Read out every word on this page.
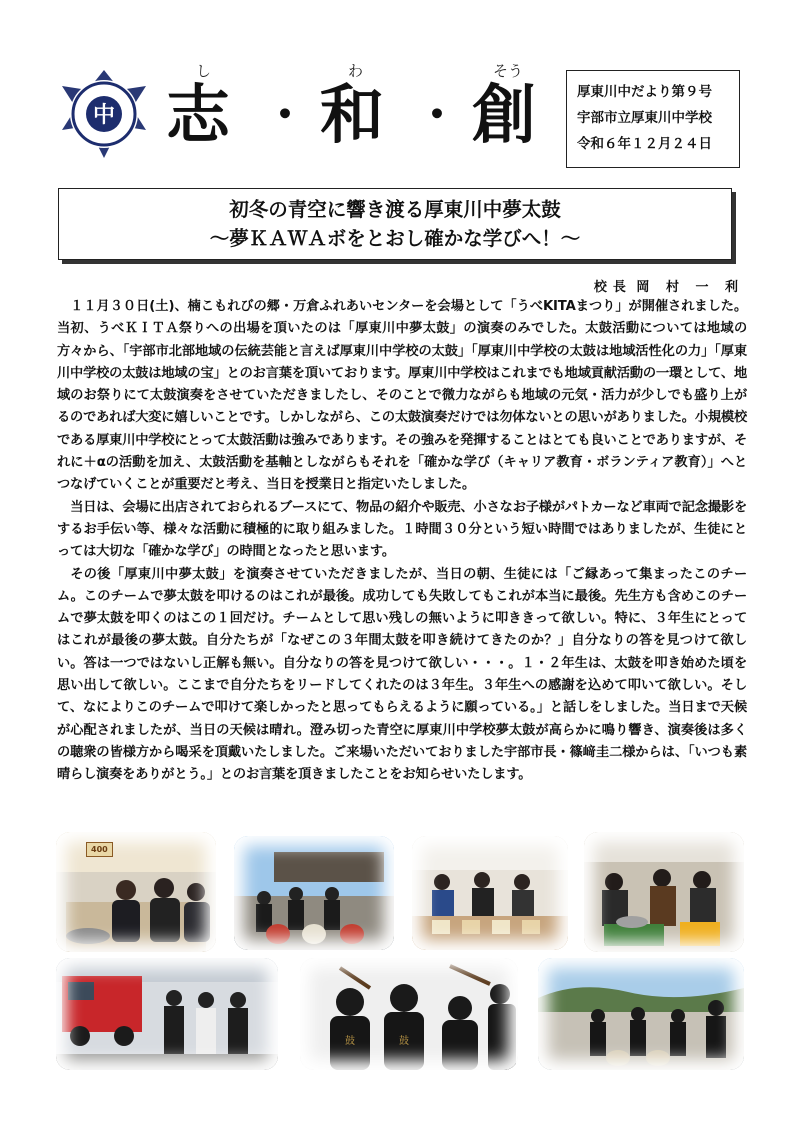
中
し	わ	そう
志 ・ 和 ・ 創	厚東川中だより第９号
宇部市立厚東川中学校
令和６年１２月２４日
初冬の青空に響き渡る厚東川中夢太鼓
～夢ＫＡＷＡボをとおし確かな学びへ！～
校長 岡 村 一 利

１１月３０日(土)、楠こもれびの郷・万倉ふれあいセンターを会場として「うべKITAまつり」が開催されました。当初、うべＫＩＴＡ祭りへの出場を頂いたのは「厚東川中夢太鼓」の演奏のみでした。太鼓活動については地域の方々から、「宇部市北部地域の伝統芸能と言えば厚東川中学校の太鼓」「厚東川中学校の太鼓は地域活性化の力」「厚東川中学校の太鼓は地域の宝」とのお言葉を頂いております。厚東川中学校はこれまでも地域貢献活動の一環として、地域のお祭りにて太鼓演奏をさせていただきましたし、そのことで微力ながらも地域の元気・活力が少しでも盛り上がるのであれば大変に嬉しいことです。しかしながら、この太鼓演奏だけでは勿体ないとの思いがありました。小規模校である厚東川中学校にとって太鼓活動は強みであります。その強みを発揮することはとても良いことでありますが、それに＋αの活動を加え、太鼓活動を基軸としながらもそれを「確かな学び（キャリア教育・ボランティア教育）」へとつなげていくことが重要だと考え、当日を授業日と指定いたしました。

当日は、会場に出店されておられるブースにて、物品の紹介や販売、小さなお子様がパトカーなど車両で記念撮影をするお手伝い等、様々な活動に積極的に取り組みました。１時間３０分という短い時間ではありましたが、生徒にとっては大切な「確かな学び」の時間となったと思います。

その後「厚東川中夢太鼓」を演奏させていただきましたが、当日の朝、生徒には「ご縁あって集まったこのチーム。このチームで夢太鼓を叩けるのはこれが最後。成功しても失敗してもこれが本当に最後。先生方も含めこのチームで夢太鼓を叩くのはこの１回だけ。チームとして思い残しの無いように叩ききって欲しい。特に、３年生にとってはこれが最後の夢太鼓。自分たちが「なぜこの３年間太鼓を叩き続けてきたのか？」自分なりの答を見つけて欲しい。答は一つではないし正解も無い。自分なりの答を見つけて欲しい・・・。１・２年生は、太鼓を叩き始めた頃を思い出して欲しい。ここまで自分たちをリードしてくれたのは３年生。３年生への感謝を込めて叩いて欲しい。そして、なによりこのチームで叩けて楽しかったと思ってもらえるように願っている。」と話しをしました。当日まで天候が心配されましたが、当日の天候は晴れ。澄み切った青空に厚東川中学校夢太鼓が高らかに鳴り響き、演奏後は多くの聴衆の皆様方から喝采を頂戴いたしました。ご来場いただいておりました宇部市長・篠﨑圭二様からは、「いつも素晴らし演奏をありがとう。」とのお言葉を頂きましたことをお知らせいたします。

400
鼓	鼓
